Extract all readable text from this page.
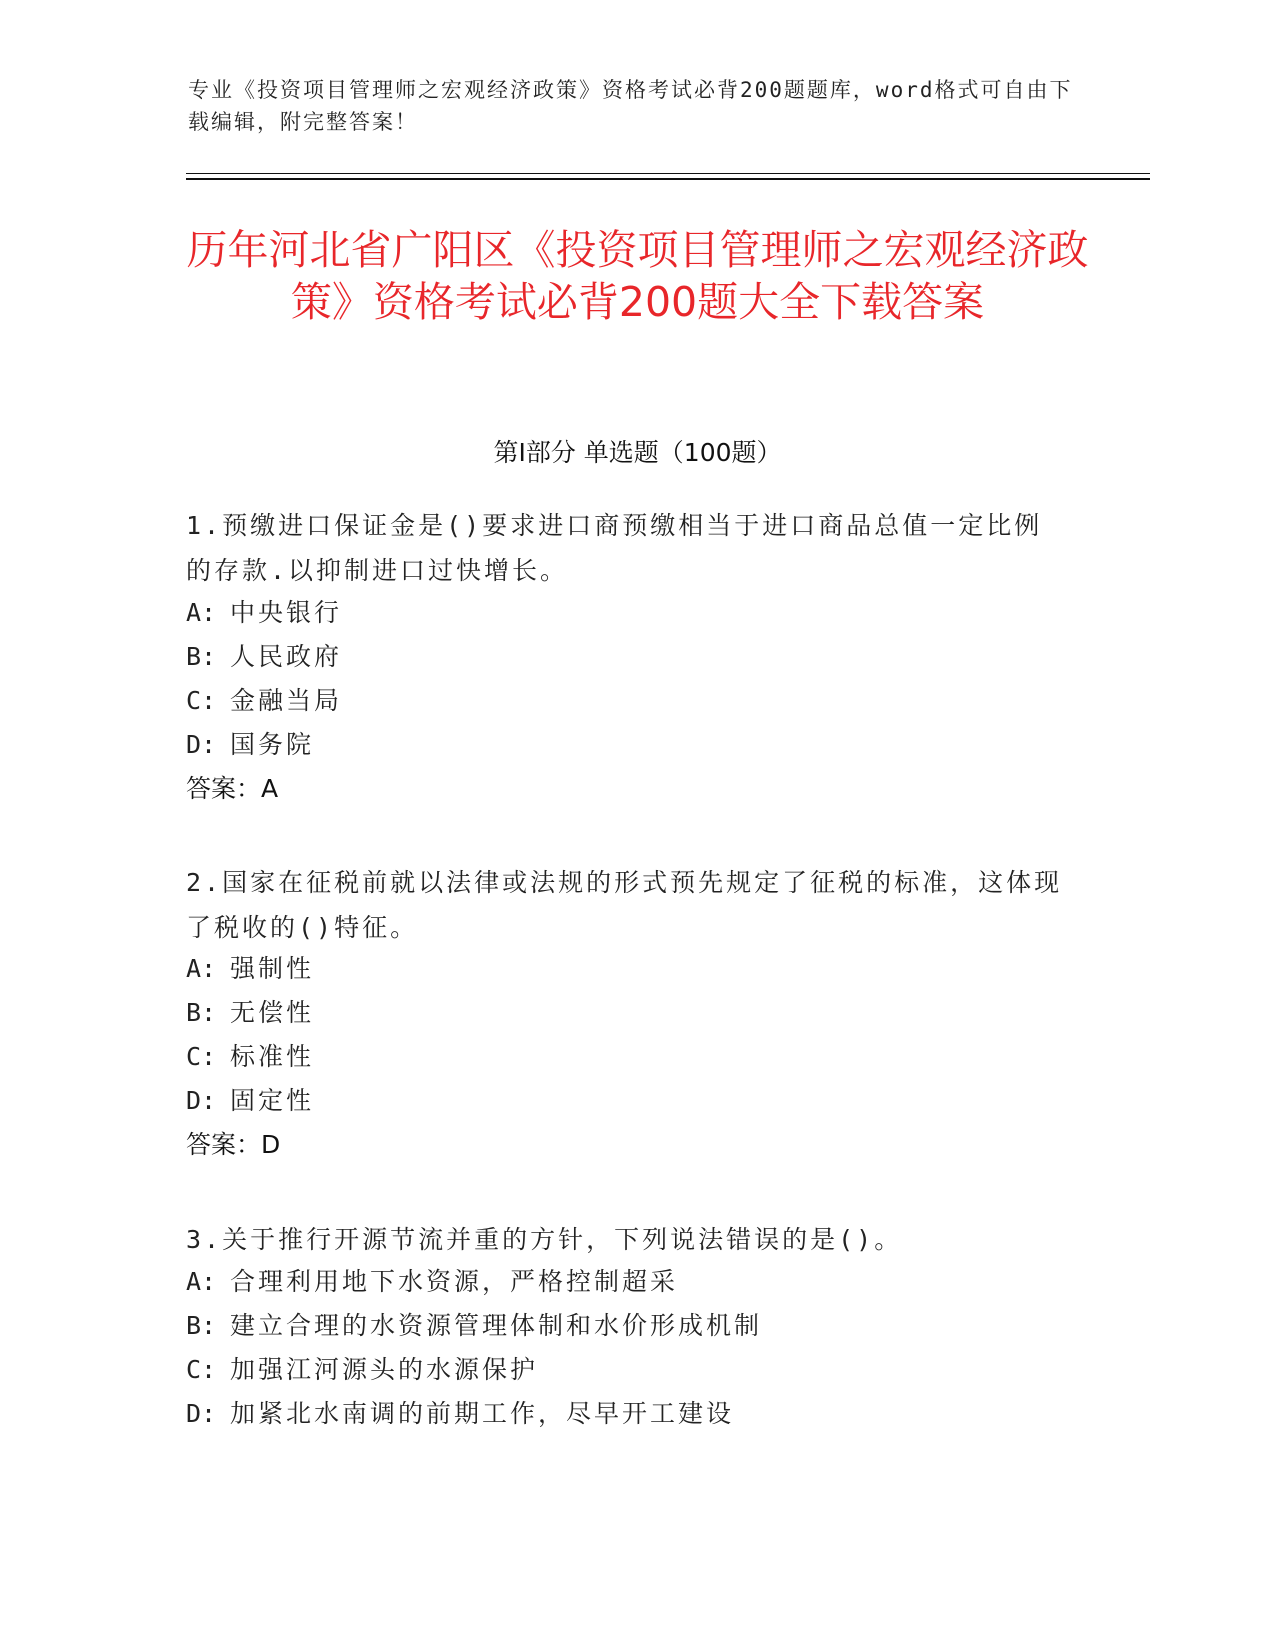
专业《投资项目管理师之宏观经济政策》资格考试必背200题题库，word格式可自由下载编辑，附完整答案！
历年河北省广阳区《投资项目管理师之宏观经济政策》资格考试必背200题大全下载答案
第I部分 单选题（100题）
1.预缴进口保证金是()要求进口商预缴相当于进口商品总值一定比例的存款.以抑制进口过快增长。
A: 中央银行
B: 人民政府
C: 金融当局
D: 国务院
答案：A
2.国家在征税前就以法律或法规的形式预先规定了征税的标准，这体现了税收的()特征。
A: 强制性
B: 无偿性
C: 标准性
D: 固定性
答案：D
3.关于推行开源节流并重的方针，下列说法错误的是()。
A: 合理利用地下水资源，严格控制超采
B: 建立合理的水资源管理体制和水价形成机制
C: 加强江河源头的水源保护
D: 加紧北水南调的前期工作，尽早开工建设
